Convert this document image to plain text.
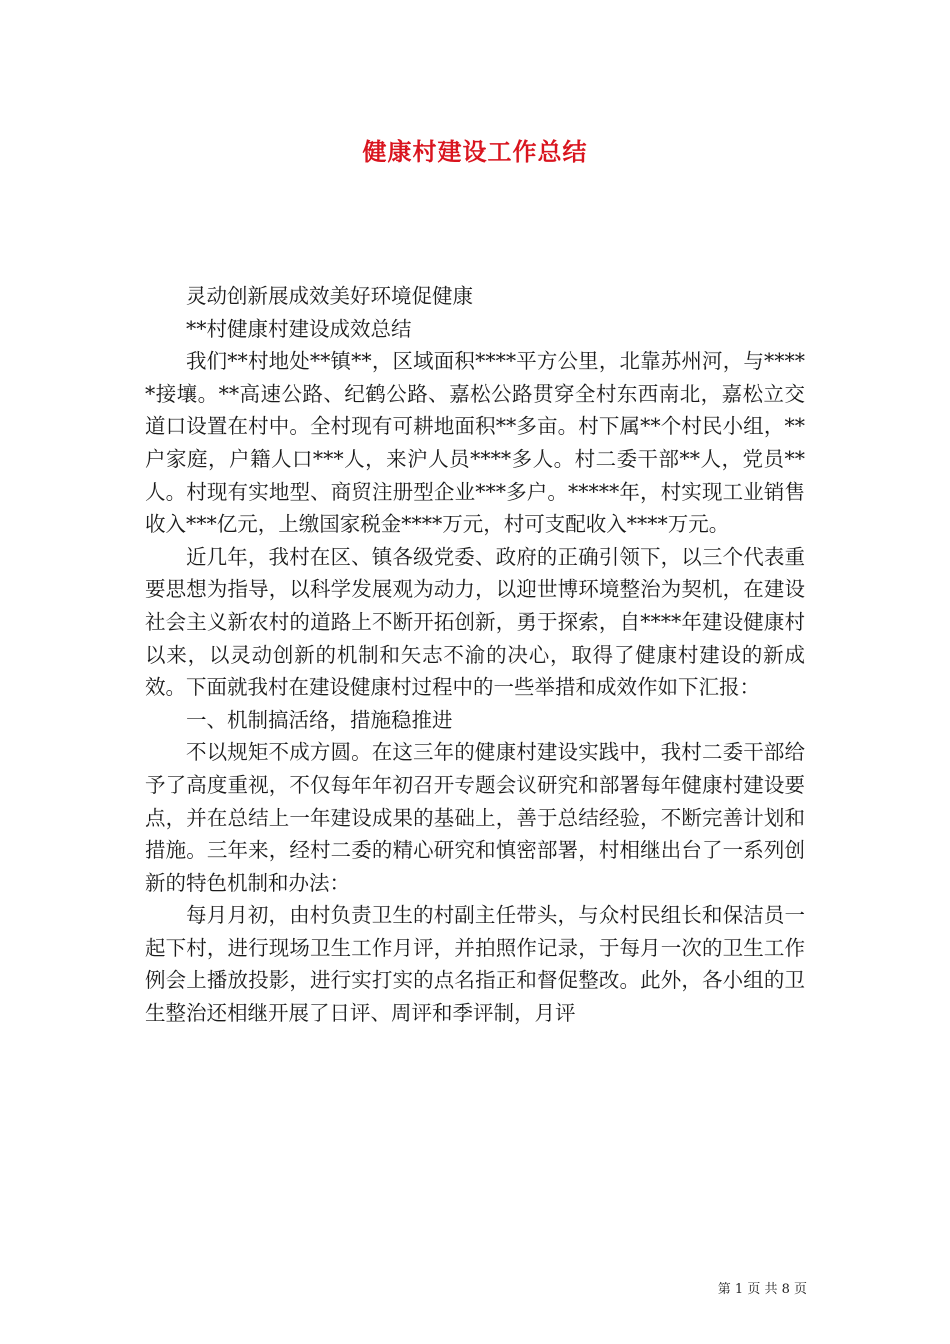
健康村建设工作总结

灵动创新展成效美好环境促健康

**村健康村建设成效总结

我们**村地处**镇**，区域面积****平方公里，北靠苏州河，与*****接壤。**高速公路、纪鹤公路、嘉松公路贯穿全村东西南北，嘉松立交道口设置在村中。全村现有可耕地面积**多亩。村下属**个村民小组，**户家庭，户籍人口***人，来沪人员****多人。村二委干部**人，党员**人。村现有实地型、商贸注册型企业***多户。*****年，村实现工业销售收入***亿元，上缴国家税金****万元，村可支配收入****万元。

近几年，我村在区、镇各级党委、政府的正确引领下，以三个代表重要思想为指导，以科学发展观为动力，以迎世博环境整治为契机，在建设社会主义新农村的道路上不断开拓创新，勇于探索，自****年建设健康村以来，以灵动创新的机制和矢志不渝的决心，取得了健康村建设的新成效。下面就我村在建设健康村过程中的一些举措和成效作如下汇报：

一、机制搞活络，措施稳推进

不以规矩不成方圆。在这三年的健康村建设实践中，我村二委干部给予了高度重视，不仅每年年初召开专题会议研究和部署每年健康村建设要点，并在总结上一年建设成果的基础上，善于总结经验，不断完善计划和措施。三年来，经村二委的精心研究和慎密部署，村相继出台了一系列创新的特色机制和办法：

每月月初，由村负责卫生的村副主任带头，与众村民组长和保洁员一起下村，进行现场卫生工作月评，并拍照作记录，于每月一次的卫生工作例会上播放投影，进行实打实的点名指正和督促整改。此外，各小组的卫生整治还相继开展了日评、周评和季评制，月评

第 1 页 共 8 页
